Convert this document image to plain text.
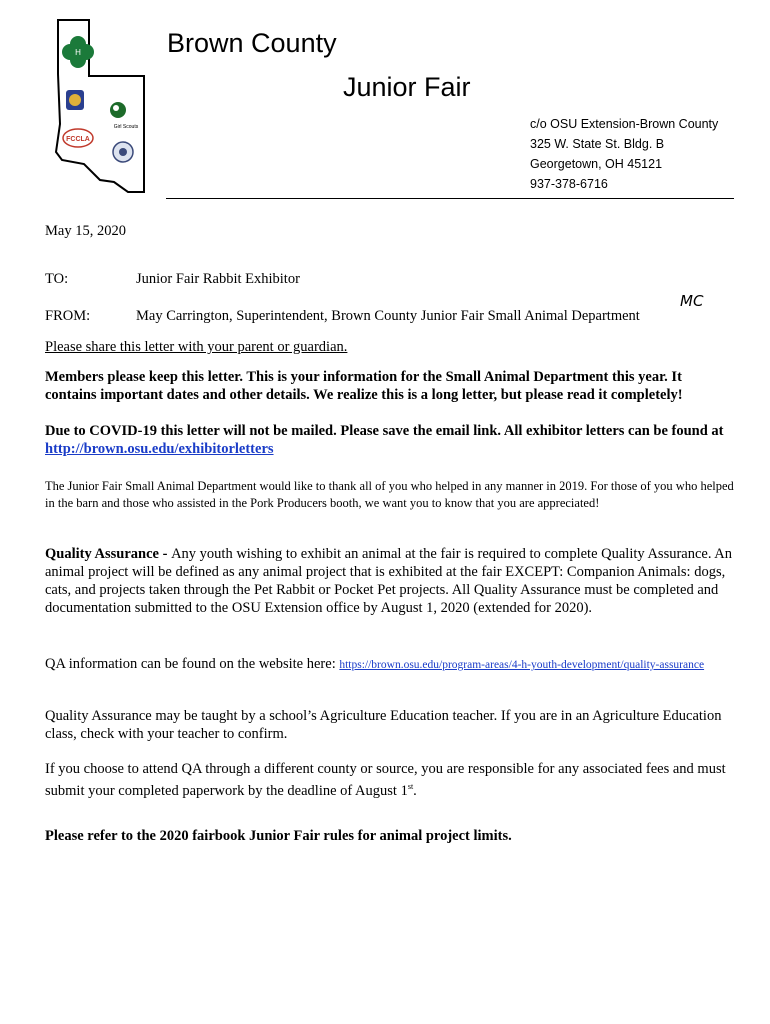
H
Girl Scouts
FCCLA
Brown County
Junior Fair
c/o OSU Extension-Brown County
325 W. State St. Bldg. B
Georgetown, OH 45121
937-378-6716
May 15, 2020
TO:	Junior Fair Rabbit Exhibitor
MC
FROM:	May Carrington, Superintendent, Brown County Junior Fair Small Animal Department
Please share this letter with your parent or guardian.
Members please keep this letter. This is your information for the Small Animal Department this year. It contains important dates and other details. We realize this is a long letter, but please read it completely!
Due to COVID-19 this letter will not be mailed. Please save the email link. All exhibitor letters can be found at http://brown.osu.edu/exhibitorletters
The Junior Fair Small Animal Department would like to thank all of you who helped in any manner in 2019. For those of you who helped in the barn and those who assisted in the Pork Producers booth, we want you to know that you are appreciated!
Quality Assurance - Any youth wishing to exhibit an animal at the fair is required to complete Quality Assurance. An animal project will be defined as any animal project that is exhibited at the fair EXCEPT: Companion Animals: dogs, cats, and projects taken through the Pet Rabbit or Pocket Pet projects. All Quality Assurance must be completed and documentation submitted to the OSU Extension office by August 1, 2020 (extended for 2020).
QA information can be found on the website here: https://brown.osu.edu/program-areas/4-h-youth-development/quality-assurance
Quality Assurance may be taught by a school’s Agriculture Education teacher. If you are in an Agriculture Education class, check with your teacher to confirm.
If you choose to attend QA through a different county or source, you are responsible for any associated fees and must submit your completed paperwork by the deadline of August 1st.
Please refer to the 2020 fairbook Junior Fair rules for animal project limits.
